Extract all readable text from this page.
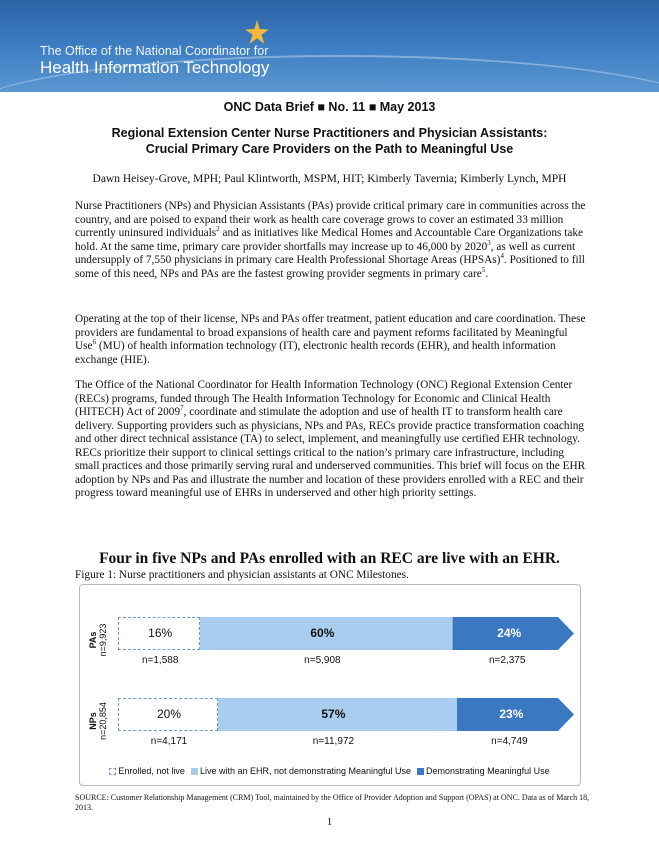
The Office of the National Coordinator for
Health Information Technology
ONC Data Brief ■ No. 11 ■ May 2013
Regional Extension Center Nurse Practitioners and Physician Assistants:
Crucial Primary Care Providers on the Path to Meaningful Use
Dawn Heisey-Grove, MPH; Paul Klintworth, MSPM, HIT; Kimberly Tavernia; Kimberly Lynch, MPH
Nurse Practitioners (NPs) and Physician Assistants (PAs) provide critical primary care in communities across the country, and are poised to expand their work as health care coverage grows to cover an estimated 33 million currently uninsured individuals$^2$ and as initiatives like Medical Homes and Accountable Care Organizations take hold. At the same time, primary care provider shortfalls may increase up to 46,000 by 2020$^3$, as well as current undersupply of 7,550 physicians in primary care Health Professional Shortage Areas (HPSAs)$^4$. Positioned to fill some of this need, NPs and PAs are the fastest growing provider segments in primary care$^5$.
Operating at the top of their license, NPs and PAs offer treatment, patient education and care coordination. These providers are fundamental to broad expansions of health care and payment reforms facilitated by Meaningful Use$^6$ (MU) of health information technology (IT), electronic health records (EHR), and health information exchange (HIE).
The Office of the National Coordinator for Health Information Technology (ONC) Regional Extension Center (RECs) programs, funded through The Health Information Technology for Economic and Clinical Health (HITECH) Act of 2009$^7$, coordinate and stimulate the adoption and use of health IT to transform health care delivery. Supporting providers such as physicians, NPs and PAs, RECs provide practice transformation coaching and other direct technical assistance (TA) to select, implement, and meaningfully use certified EHR technology. RECs prioritize their support to clinical settings critical to the nation’s primary care infrastructure, including small practices and those primarily serving rural and underserved communities. This brief will focus on the EHR adoption by NPs and Pas and illustrate the number and location of these providers enrolled with a REC and their progress toward meaningful use of EHRs in underserved and other high priority settings.
Four in five NPs and PAs enrolled with an REC are live with an EHR.
Figure 1: Nurse practitioners and physician assistants at ONC Milestones.
PAs n=9,923	16%
n=1,588
60%
n=5,908
24%
n=2,375
NPs n=20,854	20%
n=4,171
57%
n=11,972
23%
n=4,749
Enrolled, not live Live with an EHR, not demonstrating Meaningful Use Demonstrating Meaningful Use
SOURCE: Customer Relationship Management (CRM) Tool, maintained by the Office of Provider Adoption and Support (OPAS) at ONC. Data as of March 18, 2013.
1
